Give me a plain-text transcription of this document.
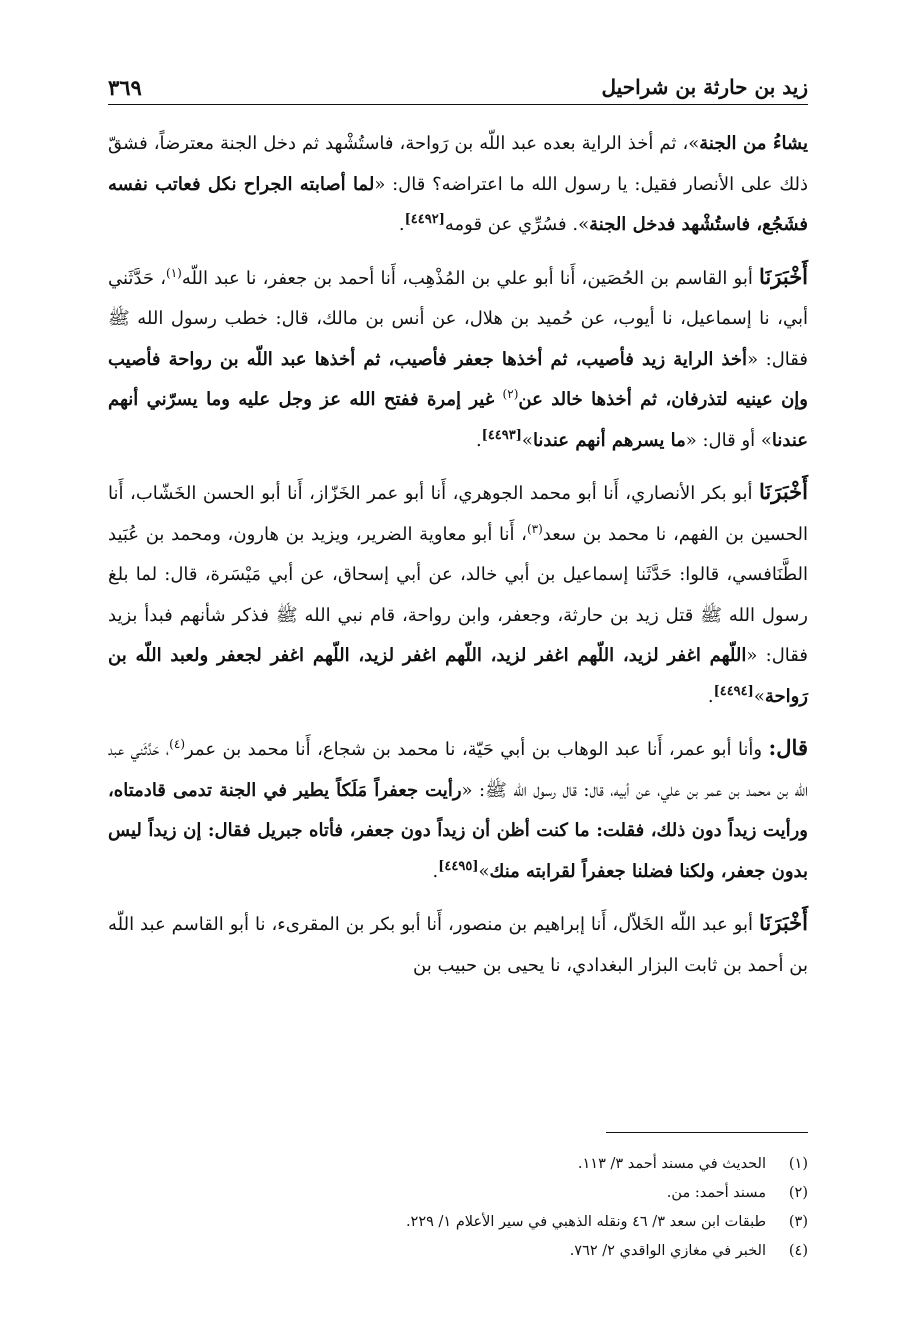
زيد بن حارثة بن شراحيل
٣٦٩

يشاءُ من الجنة»، ثم أخذ الراية بعده عبد اللّه بن رَواحة، فاستُشْهد ثم دخل الجنة معترضاً، فشقّ ذلك على الأنصار فقيل: يا رسول الله ما اعتراضه؟ قال: «لما أصابته الجراح نكل فعاتب نفسه فشَجُع، فاستُشْهد فدخل الجنة». فسُرِّي عن قومه[٤٤٩٢].

أَخْبَرَنَا أبو القاسم بن الحُصَين، أَنا أبو علي بن المُذْهِب، أَنا أحمد بن جعفر، نا عبد اللّه$^{(١)}$، حَدَّثَني أبي، نا إسماعيل، نا أيوب، عن حُميد بن هلال، عن أنس بن مالك، قال: خطب رسول الله ﷺ فقال: «أخذ الراية زيد فأصيب، ثم أخذها جعفر فأصيب، ثم أخذها عبد اللّه بن رواحة فأصيب وإن عينيه لتذرفان، ثم أخذها خالد عن$^{(٢)}$ غير إمرة ففتح الله عز وجل عليه وما يسرّني أنهم عندنا» أو قال: «ما يسرهم أنهم عندنا»[٤٤٩٣].

أَخْبَرَنَا أبو بكر الأنصاري، أَنا أبو محمد الجوهري، أَنا أبو عمر الخَزّاز، أَنا أبو الحسن الخَشّاب، أَنا الحسين بن الفهم، نا محمد بن سعد$^{(٣)}$، أَنا أبو معاوية الضرير، ويزيد بن هارون، ومحمد بن عُبَيد الطَّنَافسي، قالوا: حَدَّثَنا إسماعيل بن أبي خالد، عن أبي إسحاق، عن أبي مَيْسَرة، قال: لما بلغ رسول الله ﷺ قتل زيد بن حارثة، وجعفر، وابن رواحة، قام نبي الله ﷺ فذكر شأنهم فبدأ بزيد فقال: «اللّهم اغفر لزيد، اللّهم اغفر لزيد، اللّهم اغفر لزيد، اللّهم اغفر لجعفر ولعبد اللّه بن رَواحة»[٤٤٩٤].

قال: وأنا أبو عمر، أَنا عبد الوهاب بن أبي حَيّة، نا محمد بن شجاع، أَنا محمد بن عمر$^{(٤)}$، حَدَّثَني عبد اللّه بن محمد بن عمر بن علي، عن أبيه، قال: قال رسول الله ﷺ: «رأيت جعفراً مَلَكاً يطير في الجنة تدمى قادمتاه، ورأيت زيداً دون ذلك، فقلت: ما كنت أظن أن زيداً دون جعفر، فأتاه جبريل فقال: إن زيداً ليس بدون جعفر، ولكنا فضلنا جعفراً لقرابته منك»[٤٤٩٥].

أَخْبَرَنَا أبو عبد اللّه الخَلاّل، أَنا إبراهيم بن منصور، أَنا أبو بكر بن المقرىء، نا أبو القاسم عبد اللّه بن أحمد بن ثابت البزار البغدادي، نا يحيى بن حبيب بن

(١)
الحديث في مسند أحمد ٣/ ١١٣.
(٢)
مسند أحمد: من.
(٣)
طبقات ابن سعد ٣/ ٤٦ ونقله الذهبي في سير الأعلام ١/ ٢٢٩.
(٤)
الخبر في مغازي الواقدي ٢/ ٧٦٢.
